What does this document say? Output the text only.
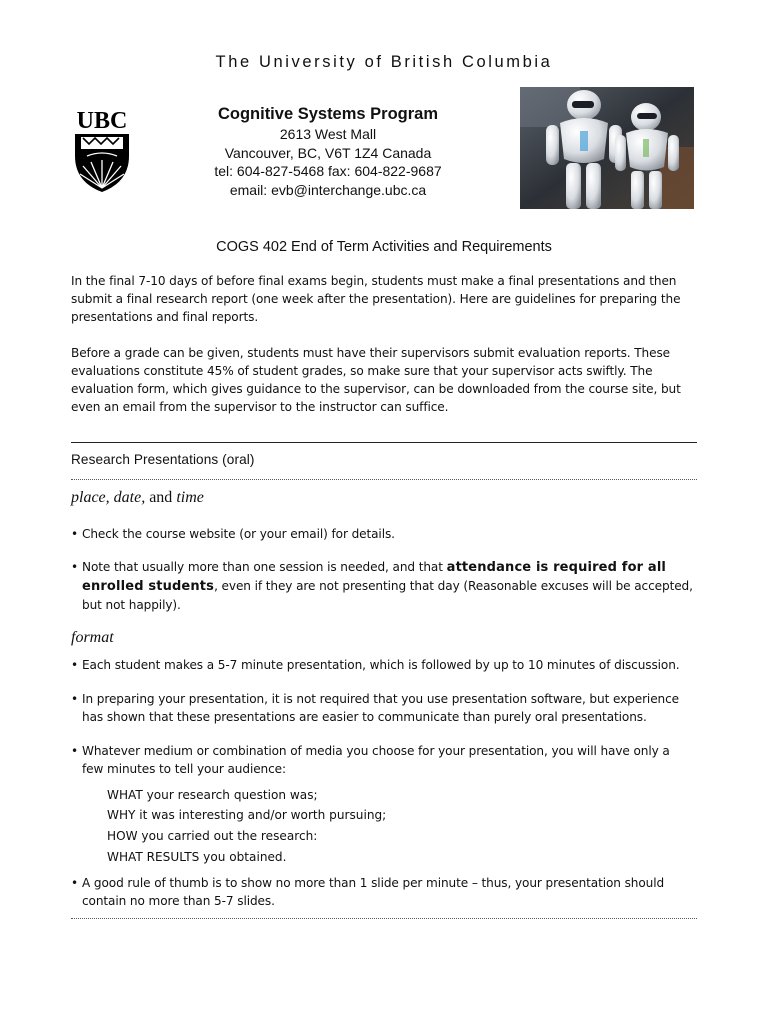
The University of British Columbia
UBC	Cognitive Systems Program
2613 West Mall
Vancouver, BC, V6T 1Z4 Canada
tel: 604-827-5468 fax: 604-822-9687
email: evb@interchange.ubc.ca
COGS 402 End of Term Activities and Requirements
In the final 7-10 days of before final exams begin, students must make a final presentations and then
submit a final research report (one week after the presentation). Here are guidelines for preparing the
presentations and final reports.
Before a grade can be given, students must have their supervisors submit evaluation reports. These
evaluations constitute 45% of student grades, so make sure that your supervisor acts swiftly. The
evaluation form, which gives guidance to the supervisor, can be downloaded from the course site, but
even an email from the supervisor to the instructor can suffice.
Research Presentations (oral)
place, date, and time
• Check the course website (or your email) for details.
• Note that usually more than one session is needed, and that attendance is required for all
enrolled students, even if they are not presenting that day (Reasonable excuses will be accepted,
but not happily).
format
• Each student makes a 5-7 minute presentation, which is followed by up to 10 minutes of discussion.
• In preparing your presentation, it is not required that you use presentation software, but experience
has shown that these presentations are easier to communicate than purely oral presentations.
• Whatever medium or combination of media you choose for your presentation, you will have only a
few minutes to tell your audience:
WHAT your research question was;
WHY it was interesting and/or worth pursuing;
HOW you carried out the research:
WHAT RESULTS you obtained.
• A good rule of thumb is to show no more than 1 slide per minute – thus, your presentation should
contain no more than 5-7 slides.
